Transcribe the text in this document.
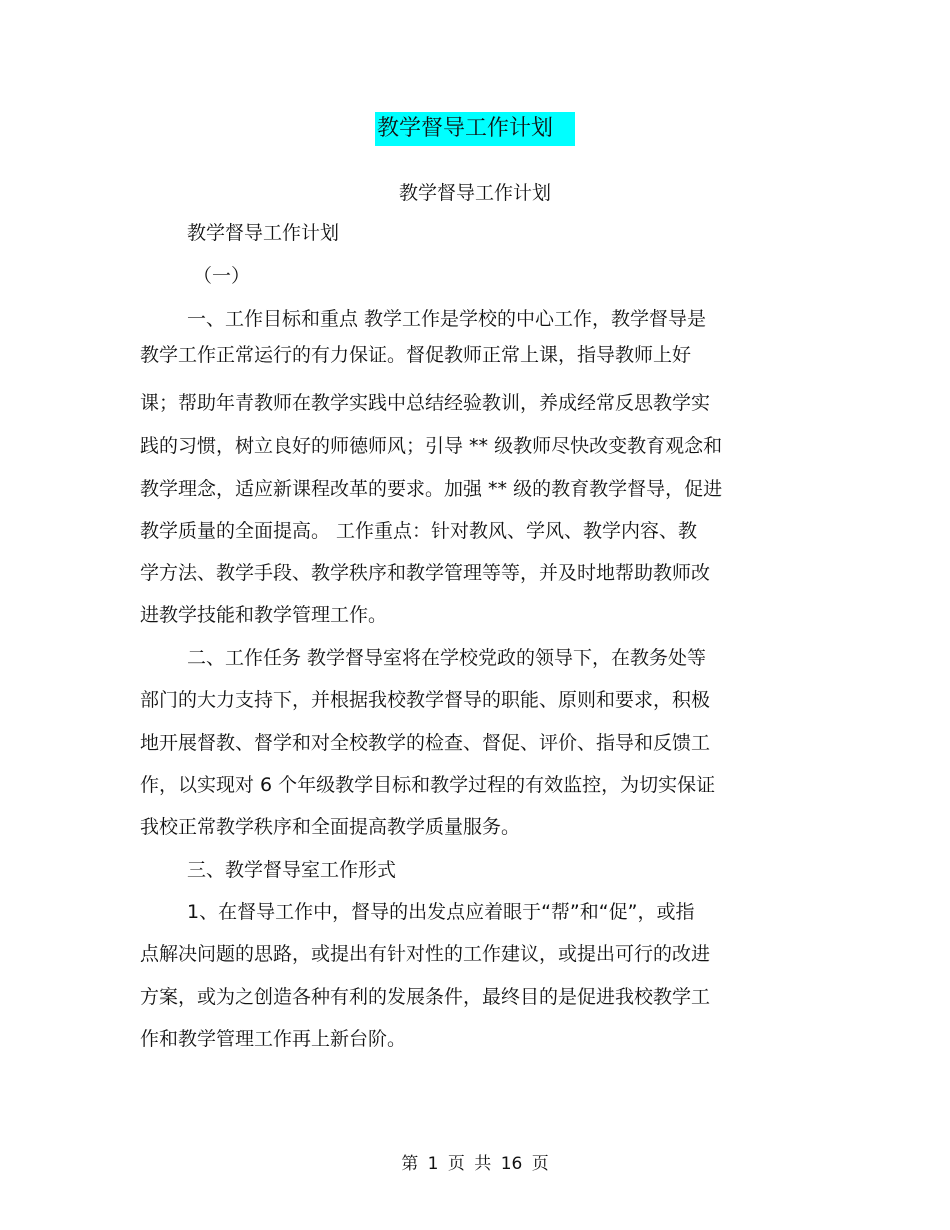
教学督导工作计划
教学督导工作计划
教学督导工作计划
（一）
一、工作目标和重点 教学工作是学校的中心工作，教学督导是
教学工作正常运行的有力保证。督促教师正常上课，指导教师上好
课；帮助年青教师在教学实践中总结经验教训，养成经常反思教学实
践的习惯，树立良好的师德师风；引导 ** 级教师尽快改变教育观念和
教学理念，适应新课程改革的要求。加强 ** 级的教育教学督导，促进
教学质量的全面提高。 工作重点：针对教风、学风、教学内容、教
学方法、教学手段、教学秩序和教学管理等等，并及时地帮助教师改
进教学技能和教学管理工作。
二、工作任务 教学督导室将在学校党政的领导下，在教务处等
部门的大力支持下，并根据我校教学督导的职能、原则和要求，积极
地开展督教、督学和对全校教学的检查、督促、评价、指导和反馈工
作，以实现对 6 个年级教学目标和教学过程的有效监控，为切实保证
我校正常教学秩序和全面提高教学质量服务。
三、教学督导室工作形式
1、在督导工作中，督导的出发点应着眼于“帮”和“促”，或指
点解决问题的思路，或提出有针对性的工作建议，或提出可行的改进
方案，或为之创造各种有利的发展条件，最终目的是促进我校教学工
作和教学管理工作再上新台阶。
第 1 页 共 16 页
